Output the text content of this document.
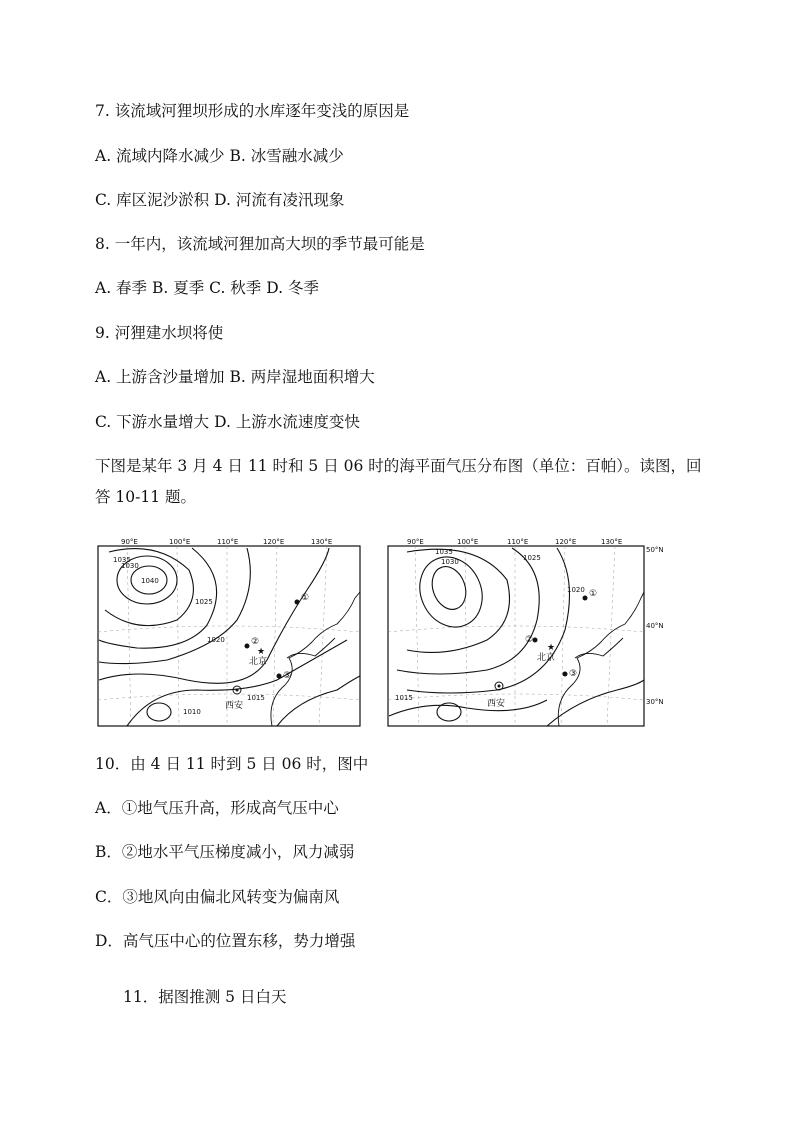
7. 该流域河狸坝形成的水库逐年变浅的原因是
A. 流域内降水减少 B. 冰雪融水减少
C. 库区泥沙淤积 D. 河流有凌汛现象
8. 一年内，该流域河狸加高大坝的季节最可能是
A. 春季 B. 夏季 C. 秋季 D. 冬季
9. 河狸建水坝将使
A. 上游含沙量增加 B. 两岸湿地面积增大
C. 下游水量增大 D. 上游水流速度变快
下图是某年 3 月 4 日 11 时和 5 日 06 时的海平面气压分布图（单位：百帕）。读图，回
答 10-11 题。
90°E	100°E	110°E	120°E	130°E
1040
1035
1030
1025
1020
1015
1010
①
②
★
北京
③
西安
90°E	100°E	110°E	120°E	130°E
50°N
40°N
30°N
1035
1030	1025
1020
1015
①
②
★
北京
③
西安
10．由 4 日 11 时到 5 日 06 时，图中
A．①地气压升高，形成高气压中心
B．②地水平气压梯度减小，风力减弱
C．③地风向由偏北风转变为偏南风
D．高气压中心的位置东移，势力增强
11．据图推测 5 日白天
